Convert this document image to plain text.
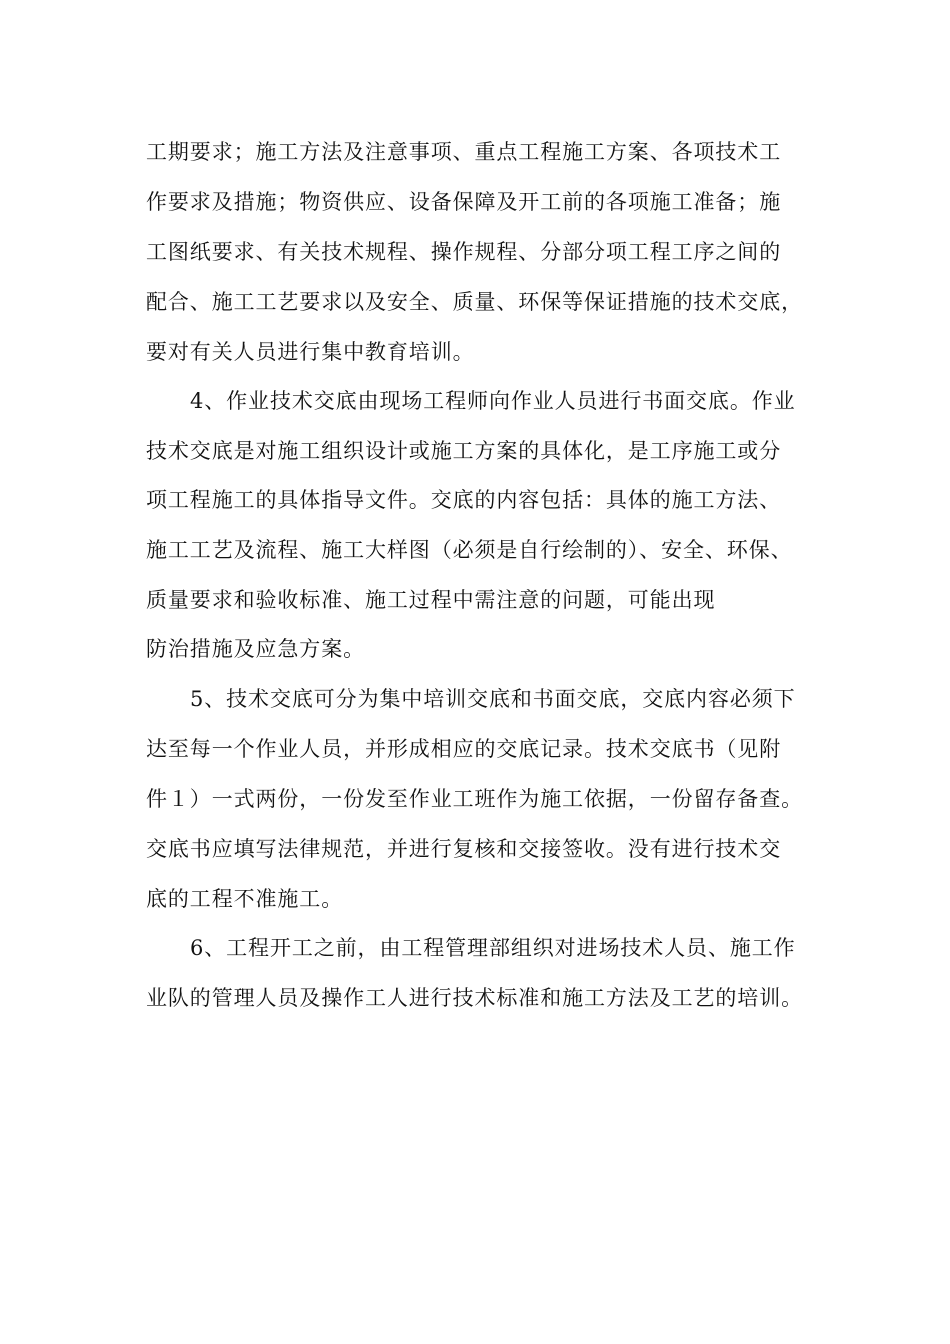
工期要求；施工方法及注意事项、重点工程施工方案、各项技术工
作要求及措施；物资供应、设备保障及开工前的各项施工准备；施
工图纸要求、有关技术规程、操作规程、分部分项工程工序之间的
配合、施工工艺要求以及安全、质量、环保等保证措施的技术交底，
要对有关人员进行集中教育培训。
4、作业技术交底由现场工程师向作业人员进行书面交底。作业
技术交底是对施工组织设计或施工方案的具体化，是工序施工或分
项工程施工的具体指导文件。交底的内容包括：具体的施工方法、
施工工艺及流程、施工大样图（必须是自行绘制的）、安全、环保、
质量要求和验收标准、施工过程中需注意的问题，可能出现
防治措施及应急方案。
5、技术交底可分为集中培训交底和书面交底，交底内容必须下
达至每一个作业人员，并形成相应的交底记录。技术交底书（见附
件１）一式两份，一份发至作业工班作为施工依据，一份留存备查。
交底书应填写法律规范，并进行复核和交接签收。没有进行技术交
底的工程不准施工。
6、工程开工之前，由工程管理部组织对进场技术人员、施工作
业队的管理人员及操作工人进行技术标准和施工方法及工艺的培训。
